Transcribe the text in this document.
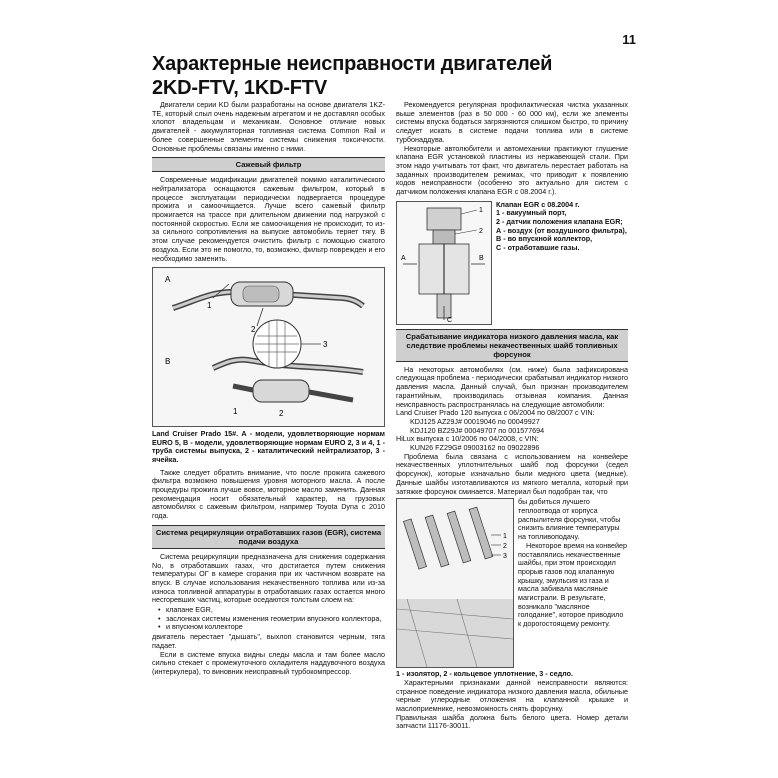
11
Характерные неисправности двигателей
2KD-FTV, 1KD-FTV

Двигатели серии KD были разработаны на основе двигателя 1KZ-TE, который слыл очень надежным агрегатом и не доставлял особых хлопот владельцам и механикам. Основное отличие новых двигателей - аккумуляторная топливная система Common Rail и более совершенные элементы системы снижения токсичности. Основные проблемы связаны именно с ними.

Сажевый фильтр

Современные модификации двигателей помимо каталитического нейтрализатора оснащаются сажевым фильтром, который в процессе эксплуатации периодически подвергается процедуре прожига и самоочищается. Лучше всего сажевый фильтр прожигается на трассе при длительном движении под нагрузкой с постоянной скоростью. Если же самоочищения не происходит, то из-за сильного сопротивления на выпуске автомобиль теряет тягу. В этом случае рекомендуется очистить фильтр с помощью сжатого воздуха. Если это не помогло, то, возможно, фильтр поврежден и его необходимо заменить.

A
1
2
3
B
1	2
Land Cruiser Prado 15#. А - модели, удовлетворяющие нормам EURO 5, В - модели, удовлетворяющие нормам EURO 2, 3 и 4, 1 - труба системы выпуска, 2 - каталитический нейтрализатор, 3 - ячейка.

Также следует обратить внимание, что после прожига сажевого фильтра возможно повышения уровня моторного масла. А после процедуры прожига лучше вовсе, моторное масло заменить. Данная рекомендация носит обязательный характер, на грузовых автомобилях с сажевым фильтром, например Toyota Dyna с 2010 года.

Система рециркуляции отработавших газов (EGR), система подачи воздуха

Система рециркуляции предназначена для снижения содержания No, в отработавших газах, что достигается путем снижения температуры ОГ в камере сгорания при их частичном возврате на впуск. В случае использования некачественного топлива или из-за износа топливной аппаратуры в отработавших газах остается много несгоревших частиц, которые оседаются толстым слоем на:

• клапане EGR,
• заслонках системы изменения геометрии впускного коллектора,
• и впускном коллекторе

двигатель перестает "дышать", выхлоп становится черным, тяга падает.

Если в системе впуска видны следы масла и там более масло сильно стекает с промежуточного охладителя наддувочного воздуха (интеркулера), то виновник неисправный турбокомпрессор.

Рекомендуется регулярная профилактическая чистка указанных выше элементов (раз в 50 000 - 60 000 км), если же элементы системы впуска бодаться загрязняются слишком быстро, то причину следует искать в системе подачи топлива или в системе турбонаддува.

Некоторые автолюбители и автомеханики практикуют глушение клапана EGR установкой пластины из нержавеющей стали. При этом надо учитывать тот факт, что двигатель перестает работать на заданных производителем режимах, что приводит к появлению кодов неисправности (особенно это актуально для систем с датчиком положения клапана EGR с 08.2004 г.).

1
2
A	B
C
Клапан EGR с 08.2004 г.
1 - вакуумный порт,
2 - датчик положения клапана EGR;
А - воздух (от воздушного фильтра),
В - во впускной коллектор,
С - отработавшие газы.
Срабатывание индикатора низкого давления масла, как следствие проблемы некачественных шайб топливных форсунок

На некоторых автомобилях (см. ниже) была зафиксирована следующая проблема - периодически срабатывал индикатор низкого давления масла. Данный случай, был признан производителем гарантийным, производилась отзывная компания. Данная неисправность распространялась на следующие автомобили:

Land Cruiser Prado 120 выпуска с 06/2004 по 08/2007 с VIN:
KDJ125 AZ29J# 00019046 по 00049927
KDJ120 BZ29J# 00049707 по 001577694
HiLux выпуска с 10/2006 по 04/2008, с VIN:
KUN26 FZ29G# 09003162 по 09022896

Проблема была связана с использованием на конвейере некачественных уплотнительных шайб под форсунки (седел форсунок), которые изначально были медного цвета (медные). Данные шайбы изготавливаются из мягкого металла, который при затяжке форсунок сминается. Материал был подобран так, что

1
2
3

бы добиться лучшего теплоотвода от корпуса распылителя форсунки, чтобы снизить влияние температуры на топливоподачу.

Некоторое время на конвейер поставлялись некачественные шайбы, при этом происходил прорыв газов под клапанную крышку, эмульсия из газа и масла забивала масляные магистрали. В результате, возникало "масляное голодание", которое приводило к дорогостоящему ремонту.

1 - изолятор, 2 - кольцевое уплотнение, 3 - седло.

Характерными признаками данной неисправности являются: странное поведение индикатора низкого давления масла, обильные черные углеродные отложения на клапанной крышке и маслоприемнике, невозможность снять форсунку.

Правильная шайба должна быть белого цвета. Номер детали запчасти 11176-30011.
